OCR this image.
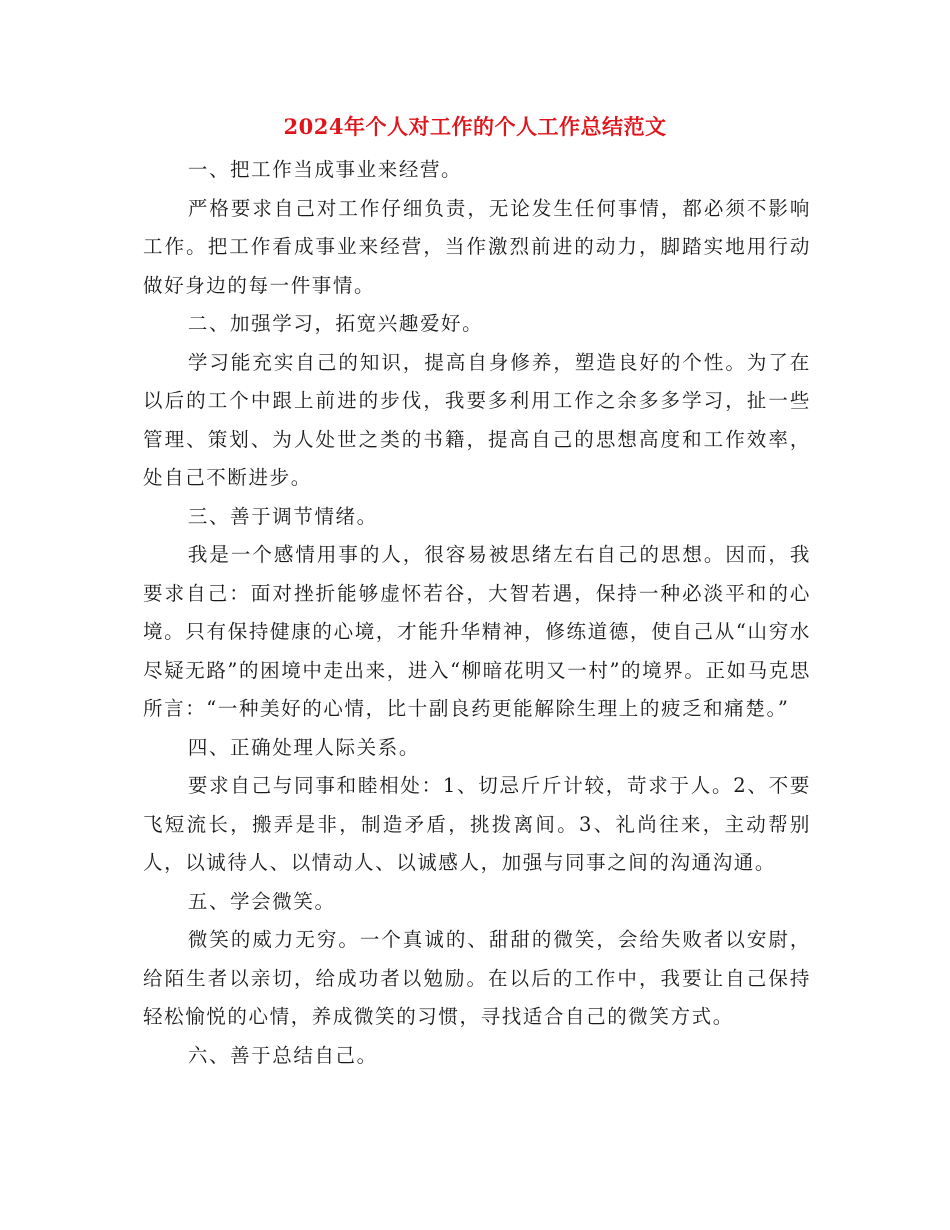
2024年个人对工作的个人工作总结范文

一、把工作当成事业来经营。

严格要求自己对工作仔细负责，无论发生任何事情，都必须不影响工作。把工作看成事业来经营，当作激烈前进的动力，脚踏实地用行动做好身边的每一件事情。

二、加强学习，拓宽兴趣爱好。

学习能充实自己的知识，提高自身修养，塑造良好的个性。为了在以后的工个中跟上前进的步伐，我要多利用工作之余多多学习，扯一些管理、策划、为人处世之类的书籍，提高自己的思想高度和工作效率，处自己不断进步。

三、善于调节情绪。

我是一个感情用事的人，很容易被思绪左右自己的思想。因而，我要求自己：面对挫折能够虚怀若谷，大智若遇，保持一种必淡平和的心境。只有保持健康的心境，才能升华精神，修练道德，使自己从“山穷水尽疑无路”的困境中走出来，进入“柳暗花明又一村”的境界。正如马克思所言：“一种美好的心情，比十副良药更能解除生理上的疲乏和痛楚。”

四、正确处理人际关系。

要求自己与同事和睦相处：1、切忌斤斤计较，苛求于人。2、不要飞短流长，搬弄是非，制造矛盾，挑拨离间。3、礼尚往来，主动帮别人，以诚待人、以情动人、以诚感人，加强与同事之间的沟通沟通。

五、学会微笑。

微笑的威力无穷。一个真诚的、甜甜的微笑，会给失败者以安尉，给陌生者以亲切，给成功者以勉励。在以后的工作中，我要让自己保持轻松愉悦的心情，养成微笑的习惯，寻找适合自己的微笑方式。

六、善于总结自己。
